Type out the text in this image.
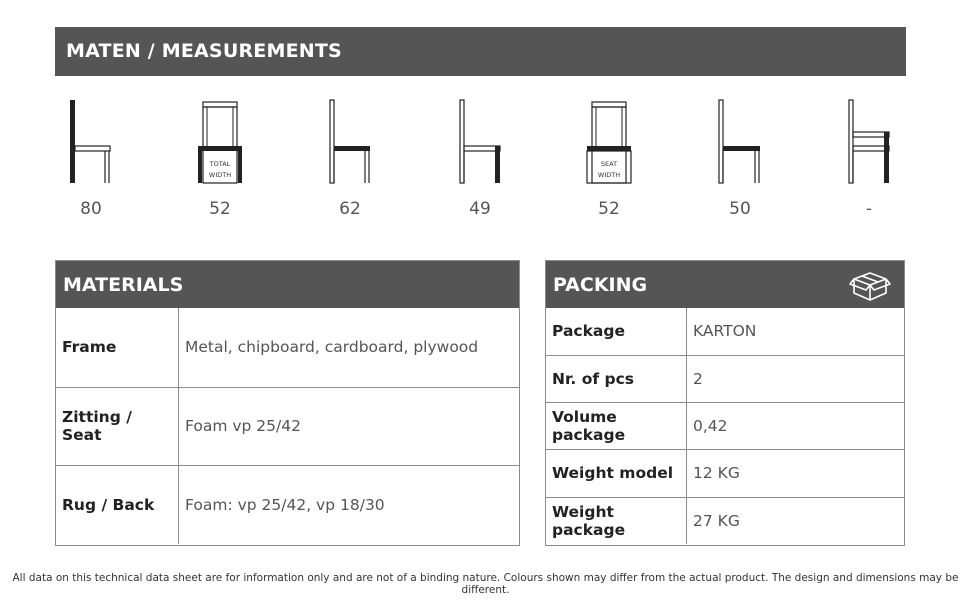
MATEN / MEASUREMENTS
80
TOTAL
WIDTH
52	62	49
SEAT
WIDTH
52	50	-
MATERIALS
Frame	Metal, chipboard, cardboard, plywood
Zitting / Seat	Foam vp 25/42
Rug / Back	Foam: vp 25/42, vp 18/30
PACKING
Package	KARTON
Nr. of pcs	2
Volume package	0,42
Weight model	12 KG
Weight package	27 KG
All data on this technical data sheet are for information only and are not of a binding nature. Colours shown may differ from the actual product. The design and dimensions may be different.
